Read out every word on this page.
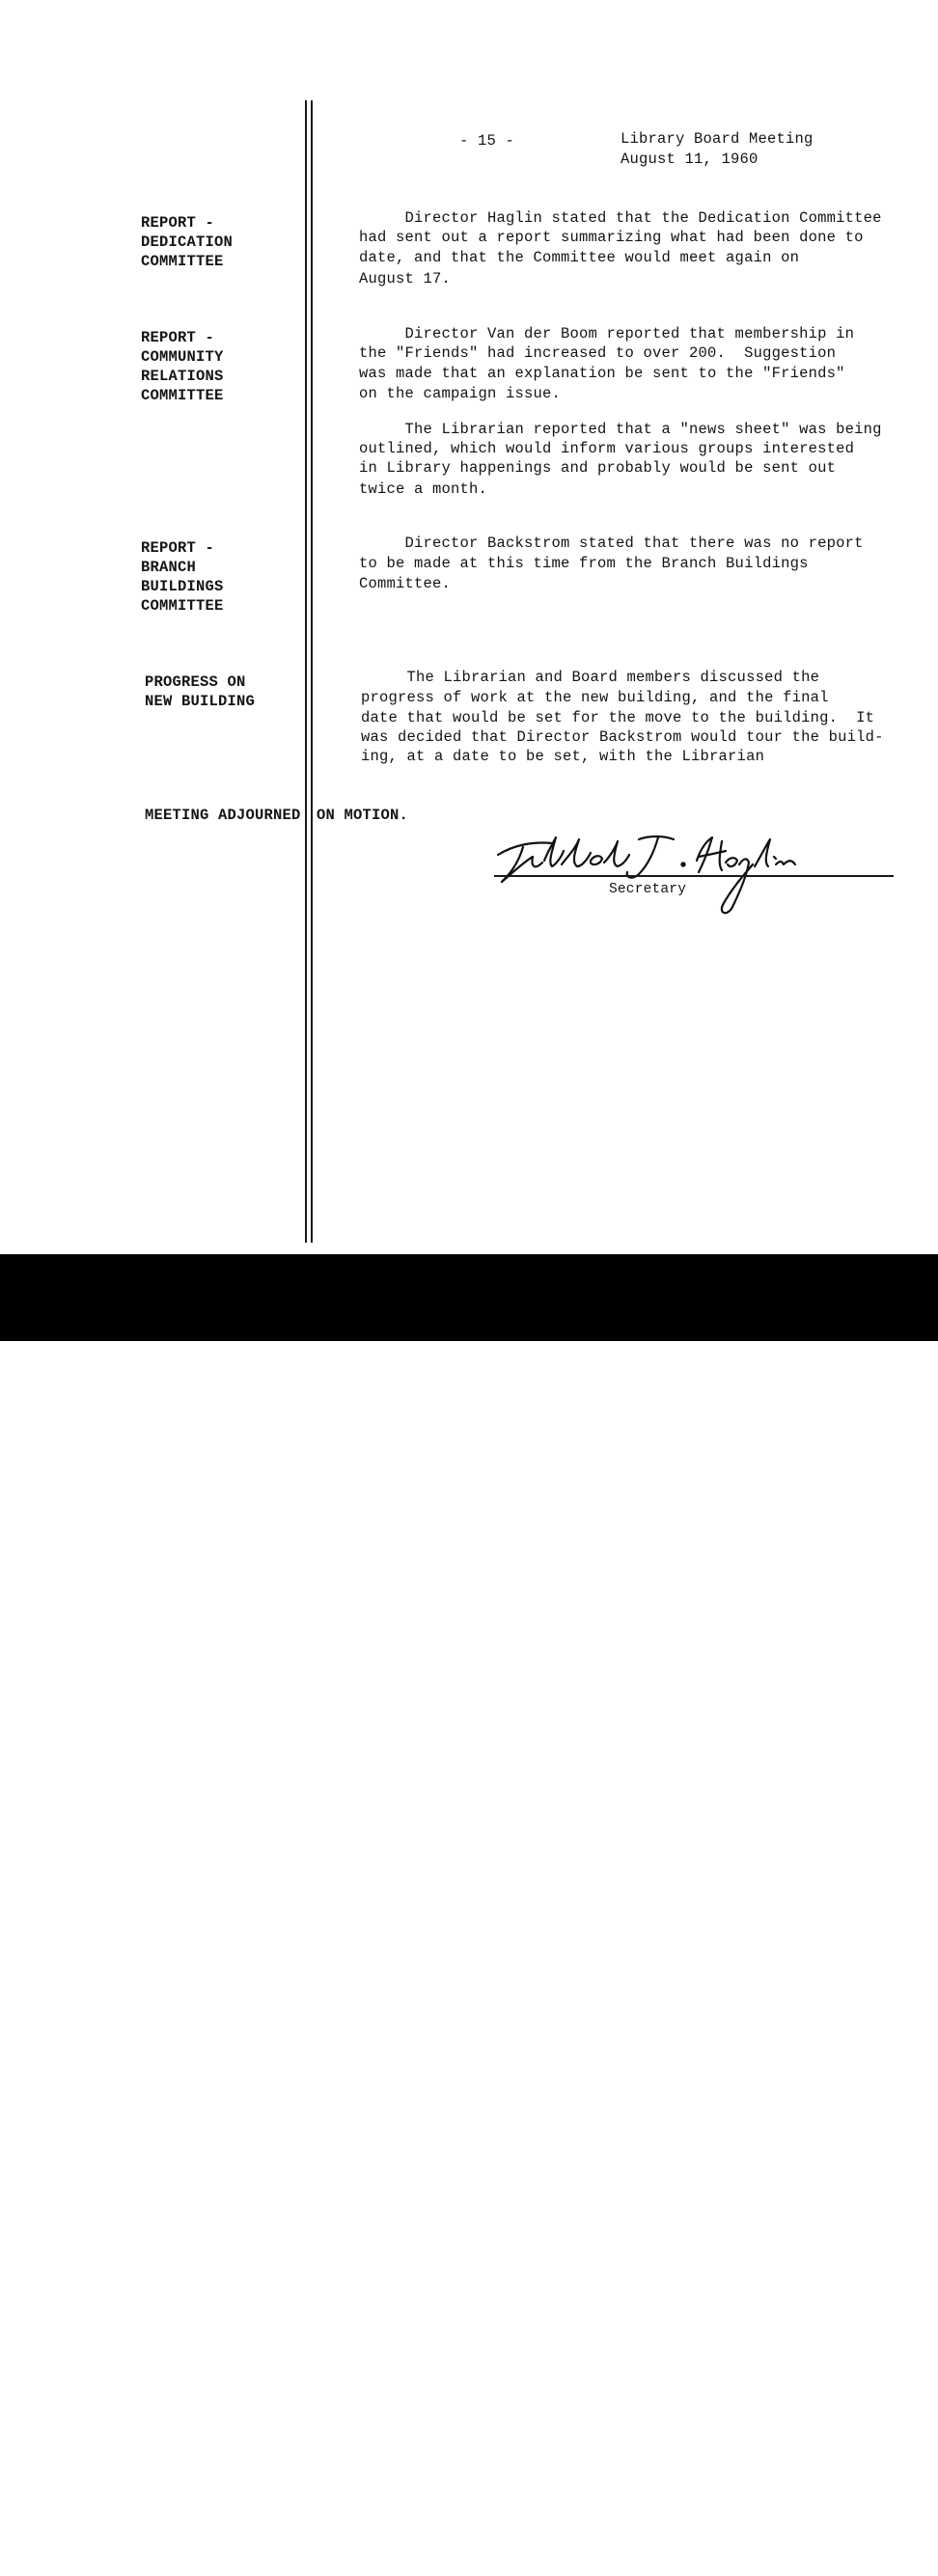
- 15 -	Library Board Meeting
August 11, 1960
REPORT -
DEDICATION
COMMITTEE
Director Haglin stated that the Dedication Committee
had sent out a report summarizing what had been done to
date, and that the Committee would meet again on
August 17.
REPORT -
COMMUNITY
RELATIONS
COMMITTEE
Director Van der Boom reported that membership in
the "Friends" had increased to over 200.  Suggestion
was made that an explanation be sent to the "Friends"
on the campaign issue.
The Librarian reported that a "news sheet" was being
outlined, which would inform various groups interested
in Library happenings and probably would be sent out
twice a month.
REPORT -
BRANCH
BUILDINGS
COMMITTEE
Director Backstrom stated that there was no report
to be made at this time from the Branch Buildings
Committee.
PROGRESS ON
NEW BUILDING
The Librarian and Board members discussed the
progress of work at the new building, and the final
date that would be set for the move to the building.  It
was decided that Director Backstrom would tour the build-
ing, at a date to be set, with the Librarian
MEETING ADJOURNED ON MOTION.
Secretary
alamy	3A5NH4W
www.alamy.com
